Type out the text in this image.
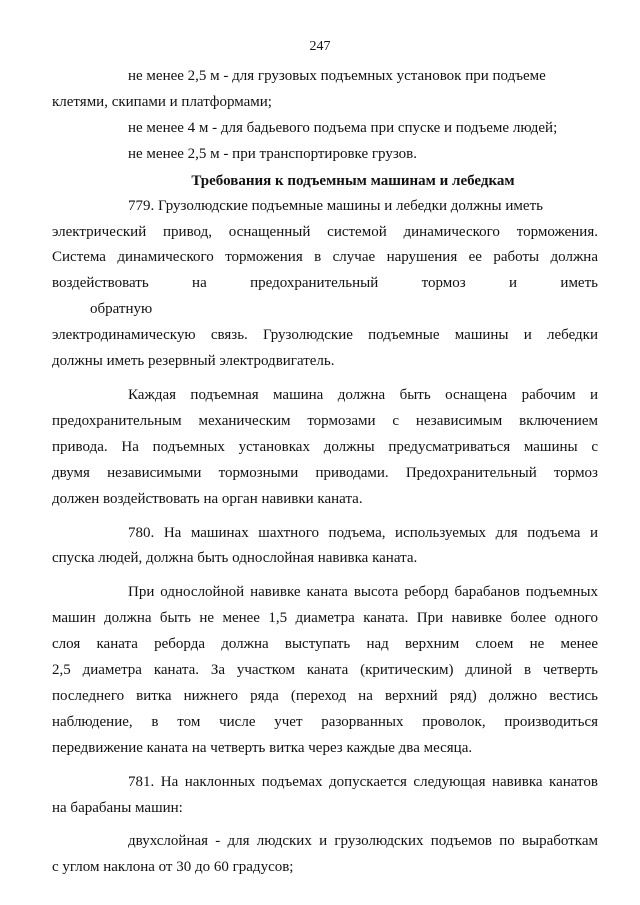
247

не менее 2,5 м - для грузовых подъемных установок при подъеме
клетями, скипами и платформами;

не менее 4 м - для бадьевого подъема при спуске и подъеме людей;

не менее 2,5 м - при транспортировке грузов.

Требования к подъемным машинам и лебедкам

779. Грузолюдские подъемные машины и лебедки должны иметь
электрический привод, оснащенный системой динамического торможения.
Система динамического торможения в случае нарушения ее работы должна
воздействовать на предохранительный тормоз и иметь обратную
электродинамическую связь. Грузолюдские подъемные машины и лебедки
должны иметь резервный электродвигатель.

Каждая подъемная машина должна быть оснащена рабочим и
предохранительным механическим тормозами с независимым включением
привода. На подъемных установках должны предусматриваться машины с
двумя независимыми тормозными приводами. Предохранительный тормоз
должен воздействовать на орган навивки каната.

780. На машинах шахтного подъема, используемых для подъема и
спуска людей, должна быть однослойная навивка каната.

При однослойной навивке каната высота реборд барабанов подъемных
машин должна быть не менее 1,5 диаметра каната. При навивке более одного
слоя каната реборда должна выступать над верхним слоем не менее
2,5 диаметра каната. За участком каната (критическим) длиной в четверть
последнего витка нижнего ряда (переход на верхний ряд) должно вестись
наблюдение, в том числе учет разорванных проволок, производиться
передвижение каната на четверть витка через каждые два месяца.

781. На наклонных подъемах допускается следующая навивка канатов
на барабаны машин:

двухслойная - для людских и грузолюдских подъемов по выработкам
с углом наклона от 30 до 60 градусов;
